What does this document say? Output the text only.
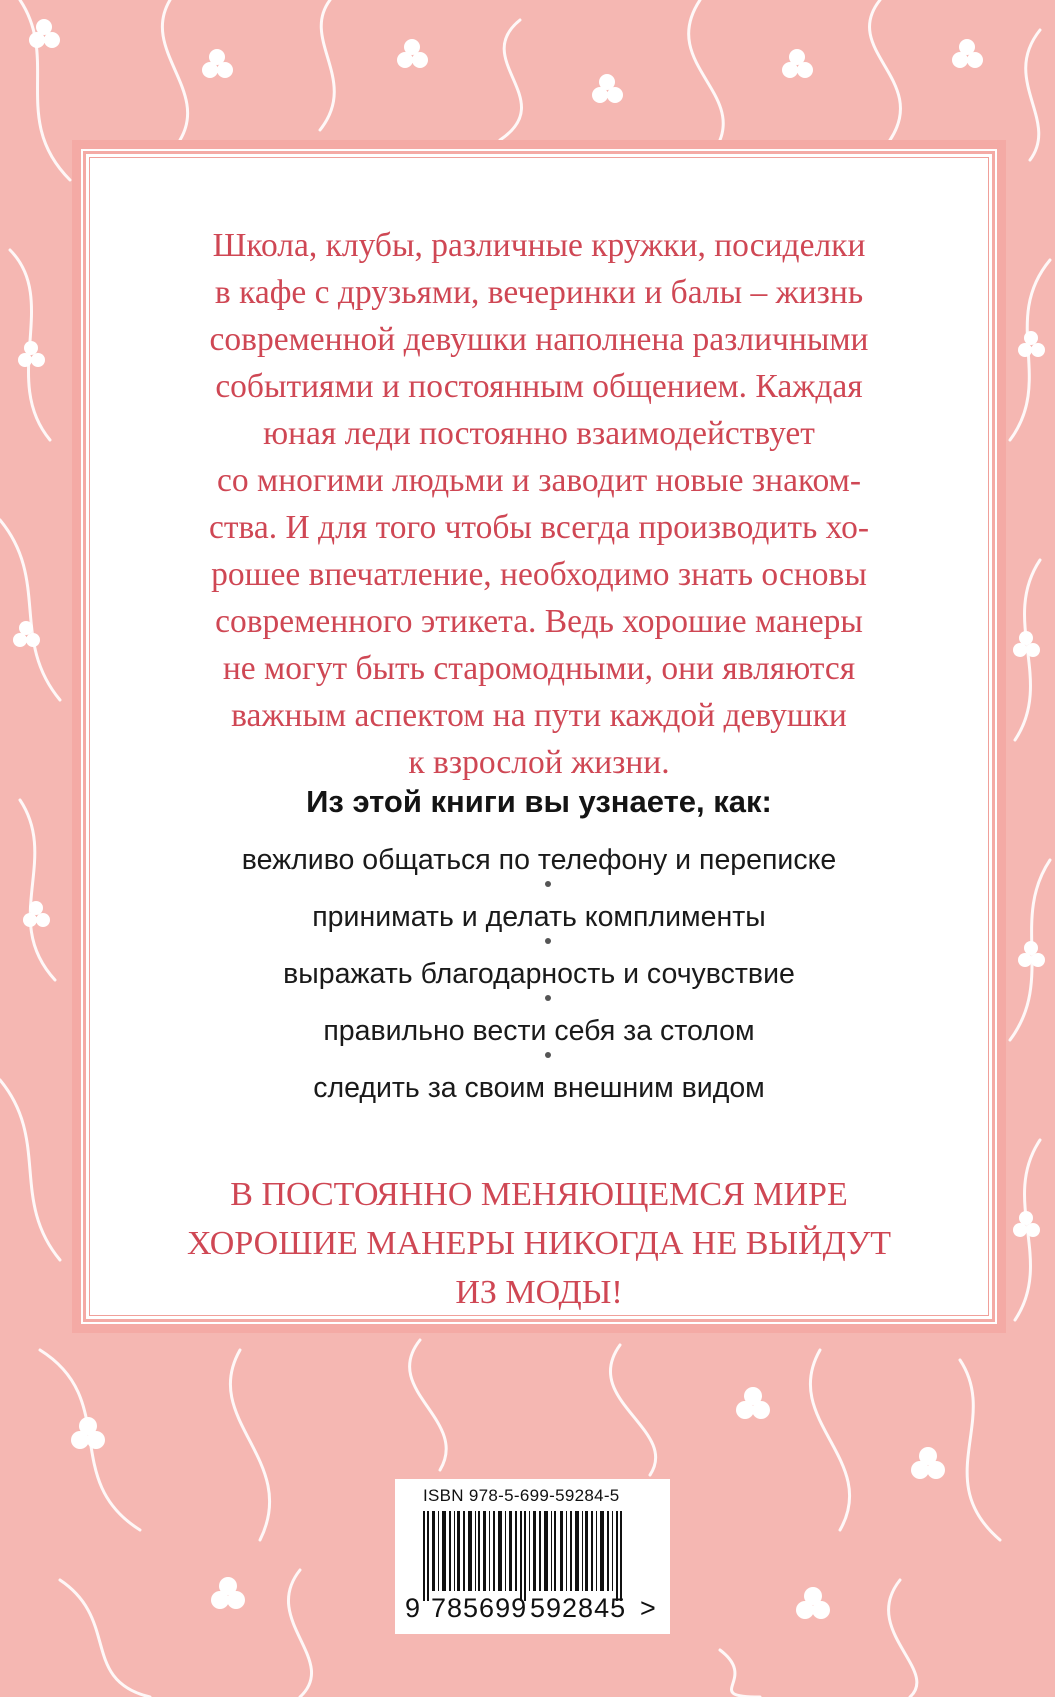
Школа, клубы, различные кружки, посиделки
в кафе с друзьями, вечеринки и балы – жизнь
современной девушки наполнена различными
событиями и постоянным общением. Каждая
юная леди постоянно взаимодействует
со многими людьми и заводит новые знаком-
ства. И для того чтобы всегда производить хо-
рошее впечатление, необходимо знать основы
современного этикета. Ведь хорошие манеры
не могут быть старомодными, они являются
важным аспектом на пути каждой девушки
к взрослой жизни.

Из этой книги вы узнаете, как:
вежливо общаться по телефону и переписке
принимать и делать комплименты
выражать благодарность и сочувствие
правильно вести себя за столом
следить за своим внешним видом

В ПОСТОЯННО МЕНЯЮЩЕМСЯ МИРЕ
ХОРОШИЕ МАНЕРЫ НИКОГДА НЕ ВЫЙДУТ
ИЗ МОДЫ!

ISBN 978-5-699-59284-5
9 785699 592845 >
